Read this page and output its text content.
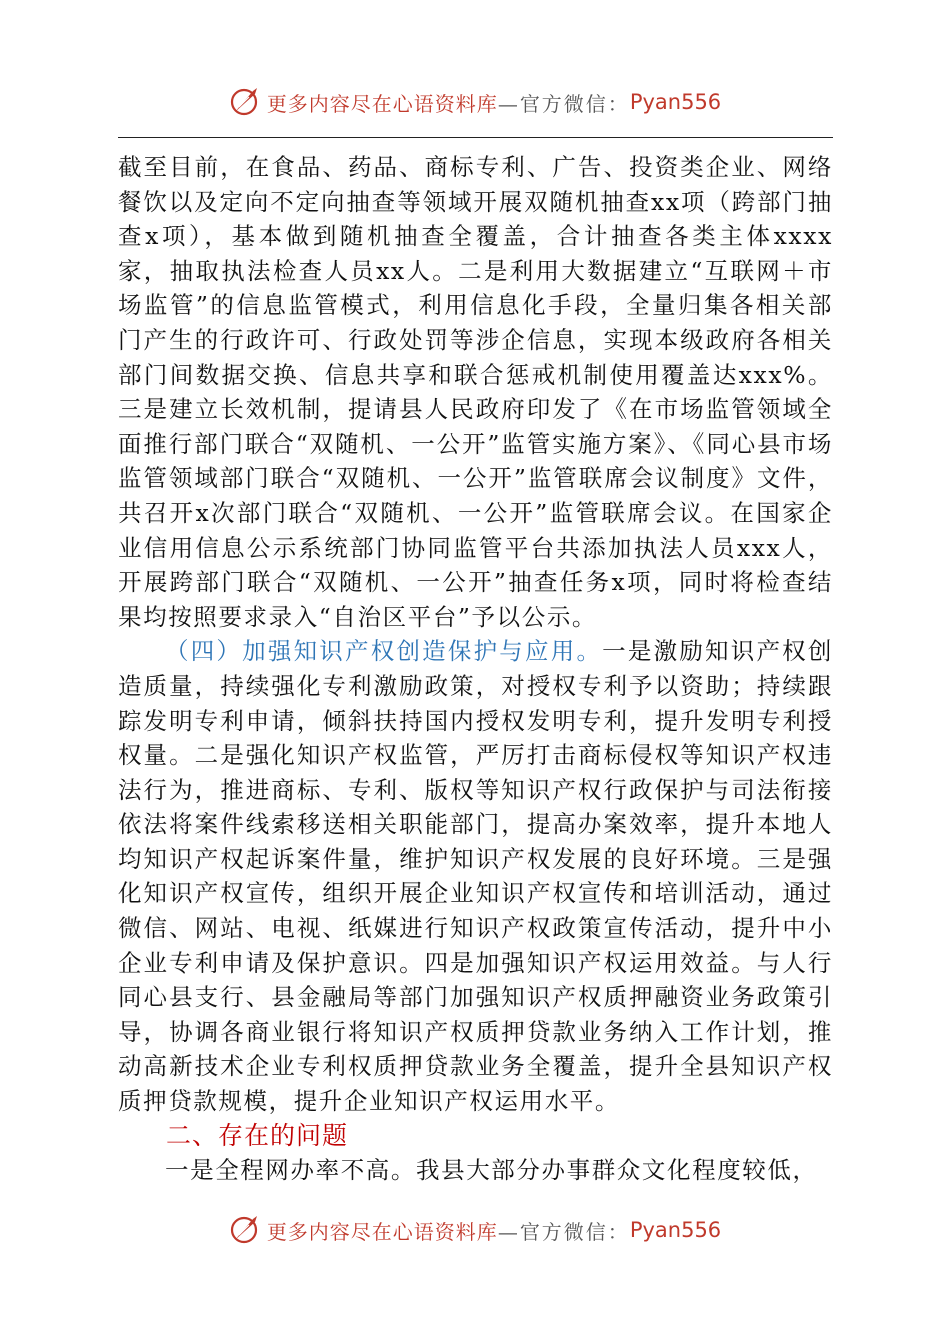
更多内容尽在心语资料库 —官方微信： Pyan556

截至目前，在食品、药品、商标专利、广告、投资类企业、网络餐饮以及定向不定向抽查等领域开展双随机抽查xx项（跨部门抽查x项），基本做到随机抽查全覆盖，合计抽查各类主体xxxx家，抽取执法检查人员xx人。二是利用大数据建立“互联网＋市场监管”的信息监管模式，利用信息化手段，全量归集各相关部门产生的行政许可、行政处罚等涉企信息，实现本级政府各相关部门间数据交换、信息共享和联合惩戒机制使用覆盖达xxx%。三是建立长效机制，提请县人民政府印发了《在市场监管领域全面推行部门联合“双随机、一公开”监管实施方案》、《同心县市场监管领域部门联合“双随机、一公开”监管联席会议制度》文件，共召开x次部门联合“双随机、一公开”监管联席会议。在国家企业信用信息公示系统部门协同监管平台共添加执法人员xxx人，开展跨部门联合“双随机、一公开”抽查任务x项，同时将检查结果均按照要求录入“自治区平台”予以公示。

（四）加强知识产权创造保护与应用。一是激励知识产权创造质量，持续强化专利激励政策，对授权专利予以资助；持续跟踪发明专利申请，倾斜扶持国内授权发明专利，提升发明专利授权量。二是强化知识产权监管，严厉打击商标侵权等知识产权违法行为，推进商标、专利、版权等知识产权行政保护与司法衔接依法将案件线索移送相关职能部门，提高办案效率，提升本地人均知识产权起诉案件量，维护知识产权发展的良好环境。三是强化知识产权宣传，组织开展企业知识产权宣传和培训活动，通过微信、网站、电视、纸媒进行知识产权政策宣传活动，提升中小企业专利申请及保护意识。四是加强知识产权运用效益。与人行同心县支行、县金融局等部门加强知识产权质押融资业务政策引导，协调各商业银行将知识产权质押贷款业务纳入工作计划，推动高新技术企业专利权质押贷款业务全覆盖，提升全县知识产权质押贷款规模，提升企业知识产权运用水平。

二、存在的问题

一是全程网办率不高。我县大部分办事群众文化程度较低，

更多内容尽在心语资料库 —官方微信： Pyan556
